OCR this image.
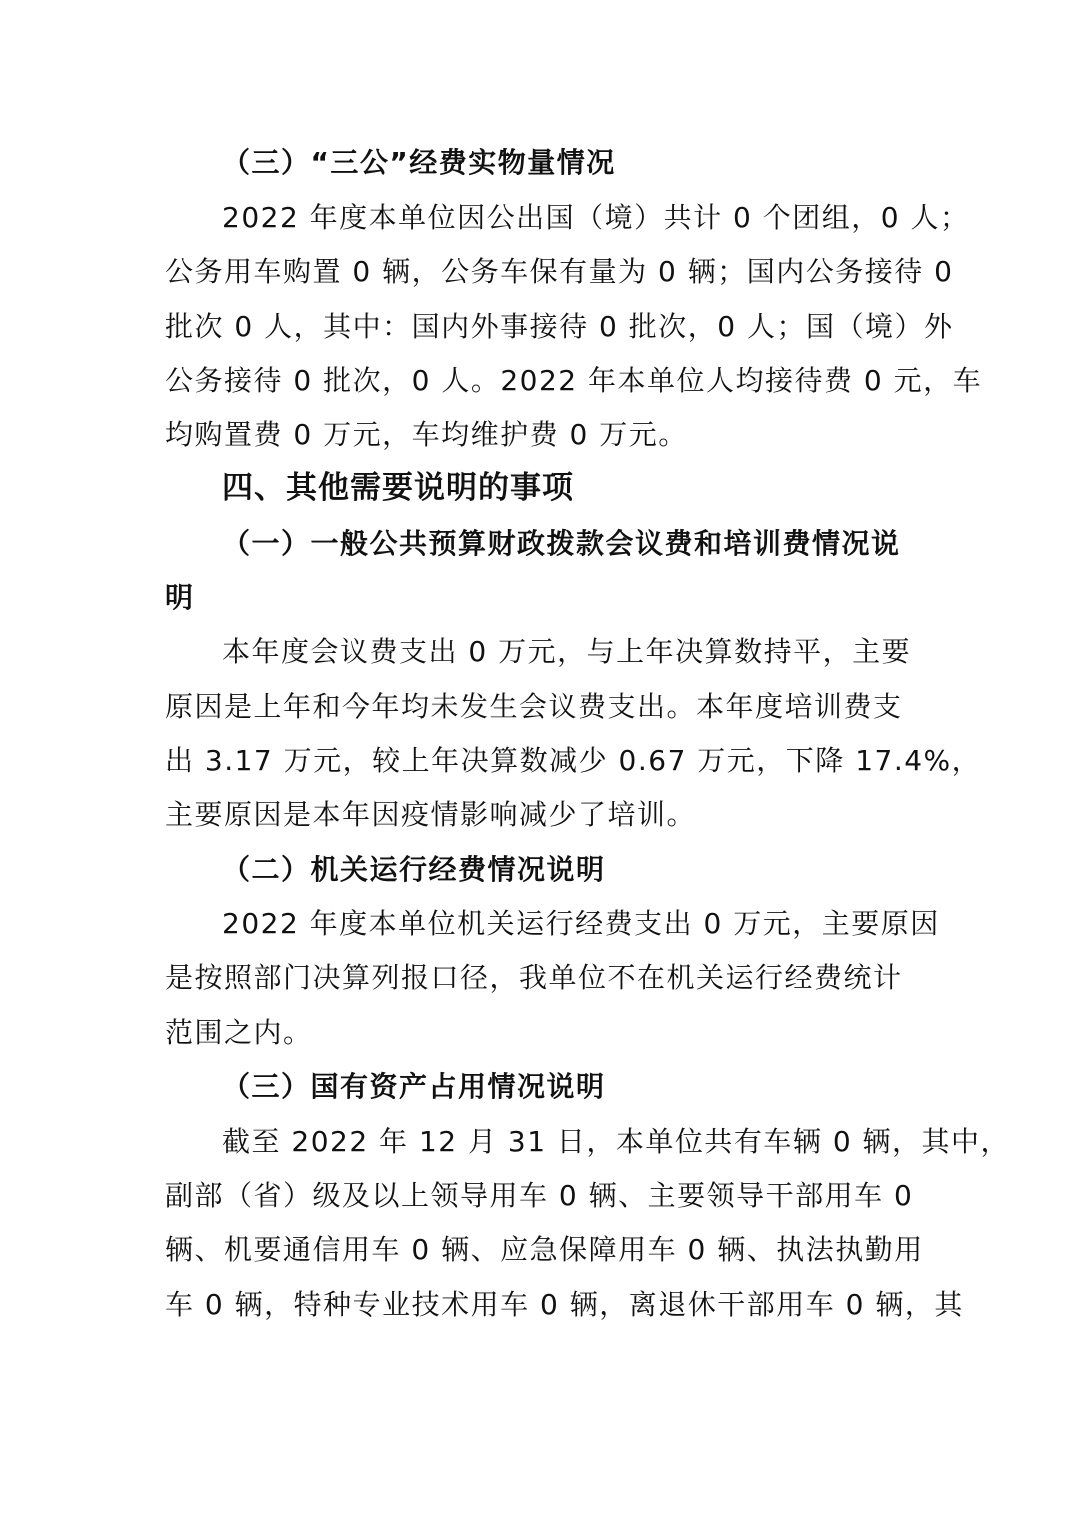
（三）“三公”经费实物量情况

2022 年度本单位因公出国（境）共计 0 个团组，0 人；

公务用车购置 0 辆，公务车保有量为 0 辆；国内公务接待 0

批次 0 人，其中：国内外事接待 0 批次，0 人；国（境）外

公务接待 0 批次，0 人。2022 年本单位人均接待费 0 元，车

均购置费 0 万元，车均维护费 0 万元。

四、其他需要说明的事项

（一）一般公共预算财政拨款会议费和培训费情况说

明

本年度会议费支出 0 万元，与上年决算数持平，主要

原因是上年和今年均未发生会议费支出。本年度培训费支

出 3.17 万元，较上年决算数减少 0.67 万元，下降 17.4%，

主要原因是本年因疫情影响减少了培训。

（二）机关运行经费情况说明

2022 年度本单位机关运行经费支出 0 万元，主要原因

是按照部门决算列报口径，我单位不在机关运行经费统计

范围之内。

（三）国有资产占用情况说明

截至 2022 年 12 月 31 日，本单位共有车辆 0 辆，其中，

副部（省）级及以上领导用车 0 辆、主要领导干部用车 0

辆、机要通信用车 0 辆、应急保障用车 0 辆、执法执勤用

车 0 辆，特种专业技术用车 0 辆，离退休干部用车 0 辆，其
